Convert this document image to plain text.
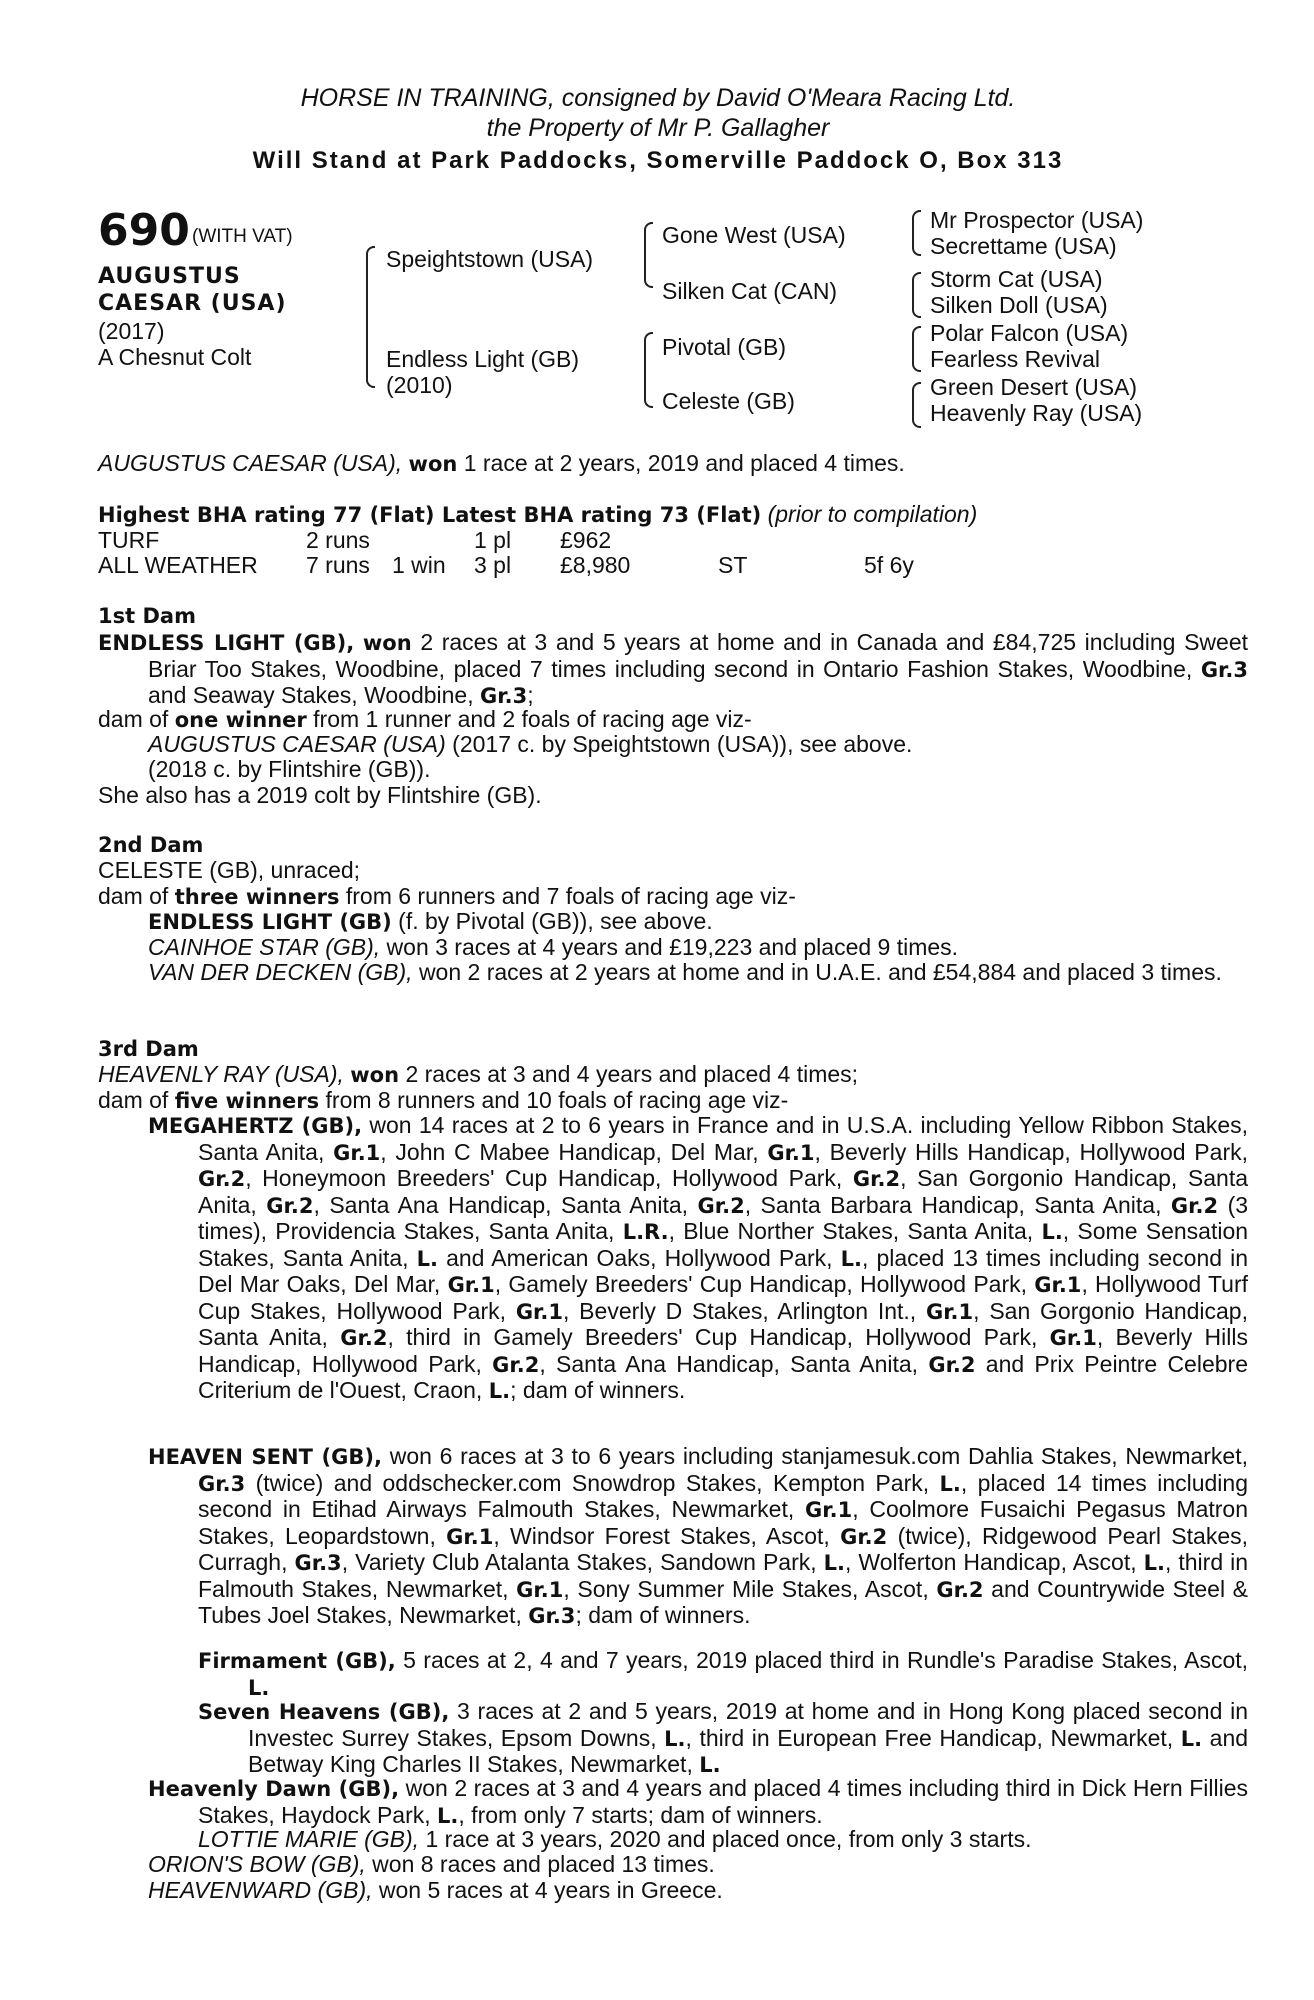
HORSE IN TRAINING, consigned by David O'Meara Racing Ltd.
the Property of Mr P. Gallagher
Will Stand at Park Paddocks, Somerville Paddock O, Box 313
690 (WITH VAT)
AUGUSTUS
CAESAR (USA)
(2017)
A Chesnut Colt
Speightstown (USA)
Endless Light (GB)
(2010)
Gone West (USA)
Silken Cat (CAN)
Pivotal (GB)
Celeste (GB)
Mr Prospector (USA)
Secrettame (USA)
Storm Cat (USA)
Silken Doll (USA)
Polar Falcon (USA)
Fearless Revival
Green Desert (USA)
Heavenly Ray (USA)
AUGUSTUS CAESAR (USA), won 1 race at 2 years, 2019 and placed 4 times.
Highest BHA rating 77 (Flat) Latest BHA rating 73 (Flat) (prior to compilation)
TURF	2 runs	1 pl £962
ALL WEATHER 7 runs 1 win 3 pl £8,980	ST	5f 6y
1st Dam
ENDLESS LIGHT (GB), won 2 races at 3 and 5 years at home and in Canada and £84,725 including Sweet Briar Too Stakes, Woodbine, placed 7 times including second in Ontario Fashion Stakes, Woodbine, Gr.3 and Seaway Stakes, Woodbine, Gr.3;
dam of one winner from 1 runner and 2 foals of racing age viz-
AUGUSTUS CAESAR (USA) (2017 c. by Speightstown (USA)), see above.
(2018 c. by Flintshire (GB)).
She also has a 2019 colt by Flintshire (GB).
2nd Dam
CELESTE (GB), unraced;
dam of three winners from 6 runners and 7 foals of racing age viz-
ENDLESS LIGHT (GB) (f. by Pivotal (GB)), see above.
CAINHOE STAR (GB), won 3 races at 4 years and £19,223 and placed 9 times.
VAN DER DECKEN (GB), won 2 races at 2 years at home and in U.A.E. and £54,884 and placed 3 times.
3rd Dam
HEAVENLY RAY (USA), won 2 races at 3 and 4 years and placed 4 times;
dam of five winners from 8 runners and 10 foals of racing age viz-
MEGAHERTZ (GB), won 14 races at 2 to 6 years in France and in U.S.A. including Yellow Ribbon Stakes, Santa Anita, Gr.1, John C Mabee Handicap, Del Mar, Gr.1, Beverly Hills Handicap, Hollywood Park, Gr.2, Honeymoon Breeders' Cup Handicap, Hollywood Park, Gr.2, San Gorgonio Handicap, Santa Anita, Gr.2, Santa Ana Handicap, Santa Anita, Gr.2, Santa Barbara Handicap, Santa Anita, Gr.2 (3 times), Providencia Stakes, Santa Anita, L.R., Blue Norther Stakes, Santa Anita, L., Some Sensation Stakes, Santa Anita, L. and American Oaks, Hollywood Park, L., placed 13 times including second in Del Mar Oaks, Del Mar, Gr.1, Gamely Breeders' Cup Handicap, Hollywood Park, Gr.1, Hollywood Turf Cup Stakes, Hollywood Park, Gr.1, Beverly D Stakes, Arlington Int., Gr.1, San Gorgonio Handicap, Santa Anita, Gr.2, third in Gamely Breeders' Cup Handicap, Hollywood Park, Gr.1, Beverly Hills Handicap, Hollywood Park, Gr.2, Santa Ana Handicap, Santa Anita, Gr.2 and Prix Peintre Celebre Criterium de l'Ouest, Craon, L.; dam of winners.
HEAVEN SENT (GB), won 6 races at 3 to 6 years including stanjamesuk.com Dahlia Stakes, Newmarket, Gr.3 (twice) and oddschecker.com Snowdrop Stakes, Kempton Park, L., placed 14 times including second in Etihad Airways Falmouth Stakes, Newmarket, Gr.1, Coolmore Fusaichi Pegasus Matron Stakes, Leopardstown, Gr.1, Windsor Forest Stakes, Ascot, Gr.2 (twice), Ridgewood Pearl Stakes, Curragh, Gr.3, Variety Club Atalanta Stakes, Sandown Park, L., Wolferton Handicap, Ascot, L., third in Falmouth Stakes, Newmarket, Gr.1, Sony Summer Mile Stakes, Ascot, Gr.2 and Countrywide Steel & Tubes Joel Stakes, Newmarket, Gr.3; dam of winners.
Firmament (GB), 5 races at 2, 4 and 7 years, 2019 placed third in Rundle's Paradise Stakes, Ascot, L.
Seven Heavens (GB), 3 races at 2 and 5 years, 2019 at home and in Hong Kong placed second in Investec Surrey Stakes, Epsom Downs, L., third in European Free Handicap, Newmarket, L. and Betway King Charles II Stakes, Newmarket, L.
Heavenly Dawn (GB), won 2 races at 3 and 4 years and placed 4 times including third in Dick Hern Fillies Stakes, Haydock Park, L., from only 7 starts; dam of winners.
LOTTIE MARIE (GB), 1 race at 3 years, 2020 and placed once, from only 3 starts.
ORION'S BOW (GB), won 8 races and placed 13 times.
HEAVENWARD (GB), won 5 races at 4 years in Greece.
